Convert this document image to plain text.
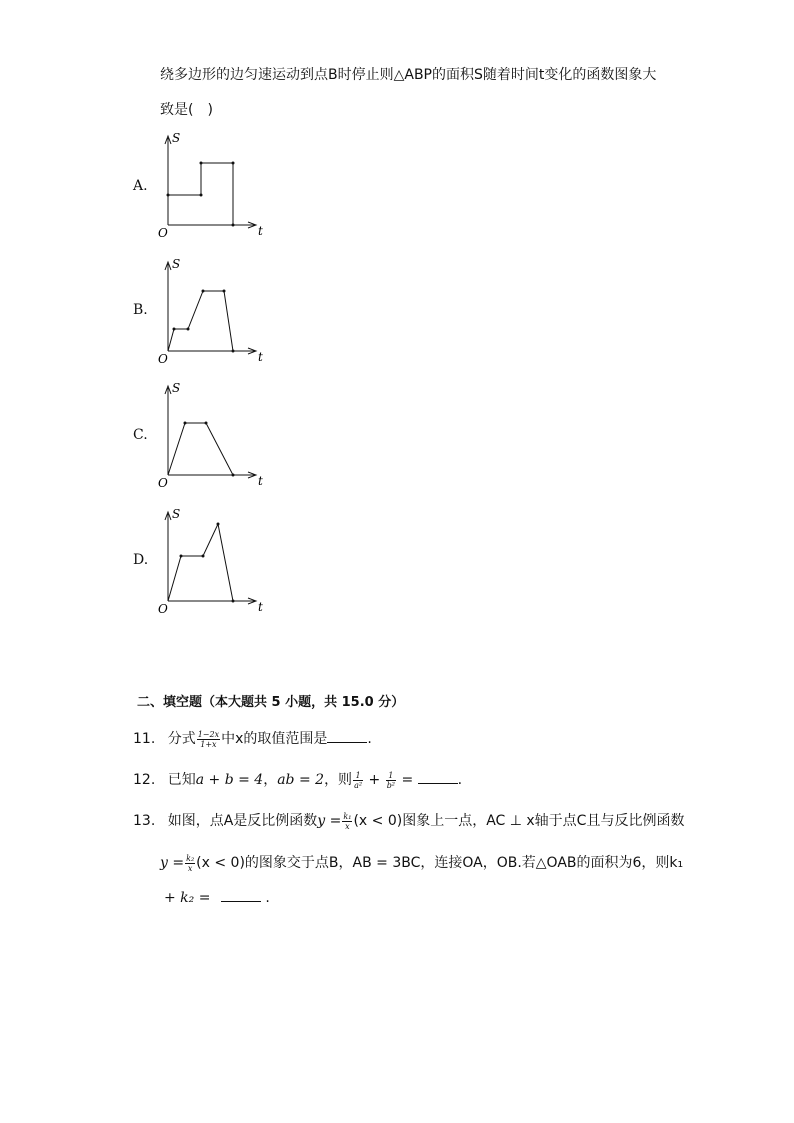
绕多边形的边匀速运动到点B时停止则△ABP的面积S随着时间t变化的函数图象大
致是(　)
A.
S
t
O
B.
S
t
O
C.
S
t
O
D.
S
t
O
二、填空题（本大题共 5 小题，共 15.0 分）
11. 分式 $\frac{1-2x}{1+x}$ 中x的取值范围是	.
12. 已知a + b = 4，ab = 2，则 $\frac{1}{\text{a²}} + \frac{1}{\text{b²}}$ =	.
13. 如图，点A是反比例函数$y = \frac{\text{k₁}}{x} (x < 0)$图象上一点，AC ⊥ x轴于点C且与反比例函数
$y = \frac{\text{k₂}}{x} (x < 0)$的图象交于点B，AB = 3BC，连接OA，OB.若△OAB的面积为6，则k₁
+ k₂ =	.
